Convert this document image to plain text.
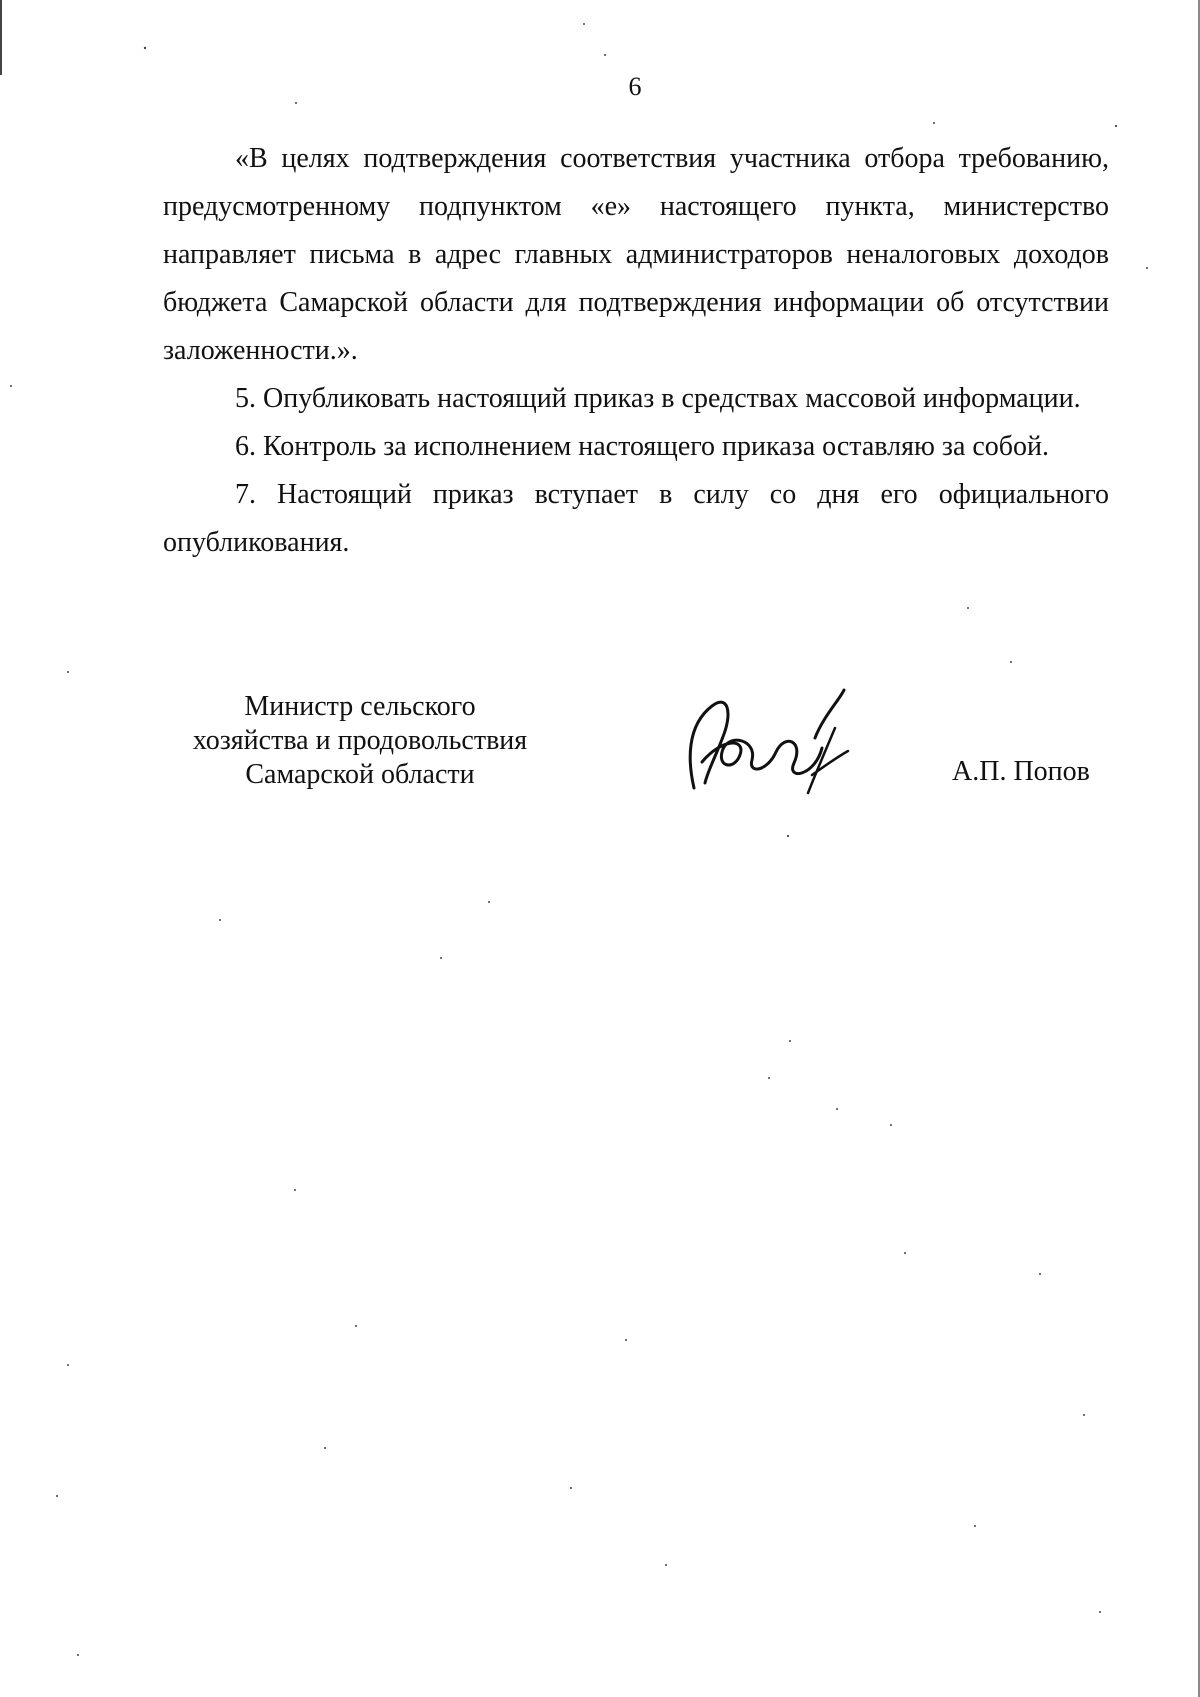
6

«В целях подтверждения соответствия участника отбора требованию, предусмотренному подпунктом «е» настоящего пункта, министерство направляет письма в адрес главных администраторов неналоговых доходов бюджета Самарской области для подтверждения информации об отсутствии заложенности.».

5. Опубликовать настоящий приказ в средствах массовой информации.

6. Контроль за исполнением настоящего приказа оставляю за собой.

7. Настоящий приказ вступает в силу со дня его официального опубликования.

Министр сельского
хозяйства и продовольствия
Самарской области	А.П. Попов
